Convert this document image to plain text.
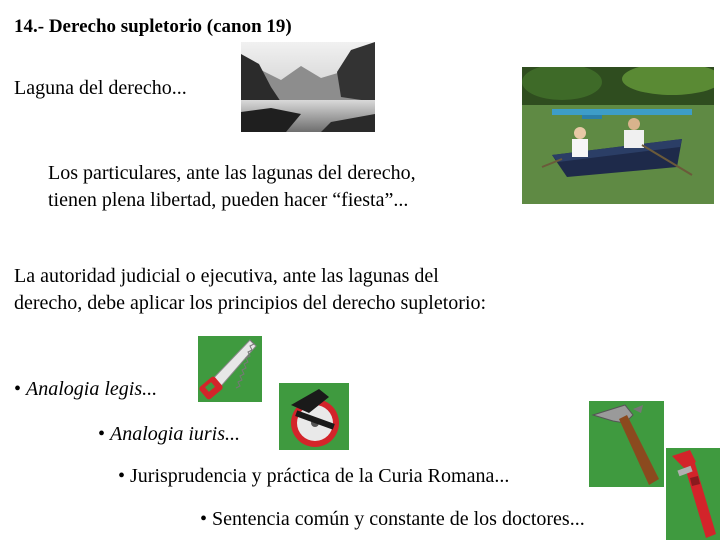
14.- Derecho supletorio (canon 19)
Laguna del derecho...
Los particulares, ante las lagunas del derecho,
tienen plena libertad, pueden hacer “fiesta”...
La autoridad judicial o ejecutiva, ante las lagunas del
derecho, debe aplicar los principios del derecho supletorio:
• Analogia legis...
• Analogia iuris...
• Jurisprudencia y práctica de la Curia Romana...
• Sentencia común y constante de los doctores...
